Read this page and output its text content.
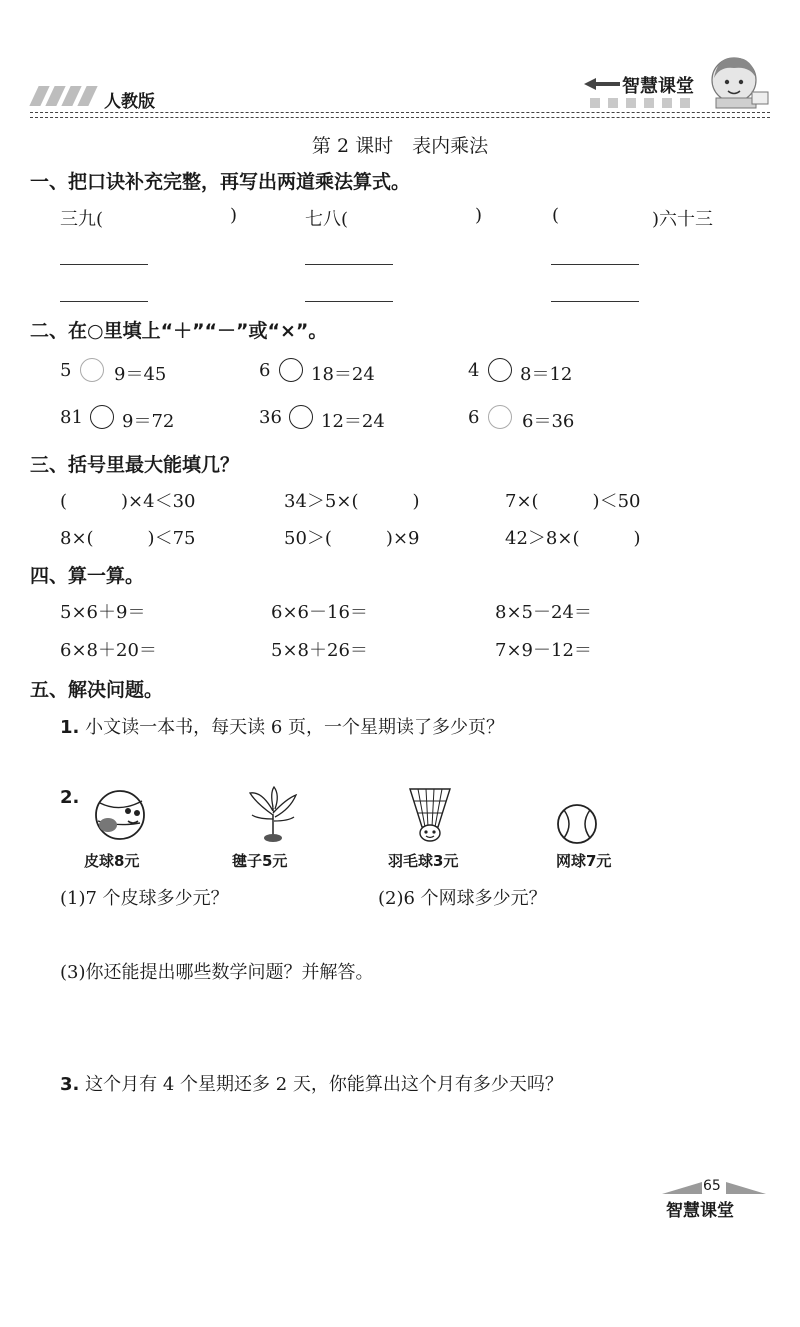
人教版
智慧课堂
第 2 课时　表内乘法
一、把口诀补充完整，再写出两道乘法算式。
三九(	)	七八(	)	(	)六十三
二、在○里填上“＋”“－”或“×”。
5 9＝45	6 18＝24	4 8＝12
81 9＝72	36 12＝24	6 6＝36
三、括号里最大能填几？
(　　　)×4＜30	34＞5×(　　　)	7×(　　　)＜50
8×(　　　)＜75	50＞(　　　)×9	42＞8×(　　　)
四、算一算。
5×6＋9＝	6×6－16＝	8×5－24＝
6×8＋20＝	5×8＋26＝	7×9－12＝
五、解决问题。
1. 小文读一本书，每天读 6 页，一个星期读了多少页？
2.
皮球8元	毽子5元	羽毛球3元	网球7元
(1)7 个皮球多少元？	(2)6 个网球多少元？
(3)你还能提出哪些数学问题？并解答。
3. 这个月有 4 个星期还多 2 天，你能算出这个月有多少天吗？
65
智慧课堂
